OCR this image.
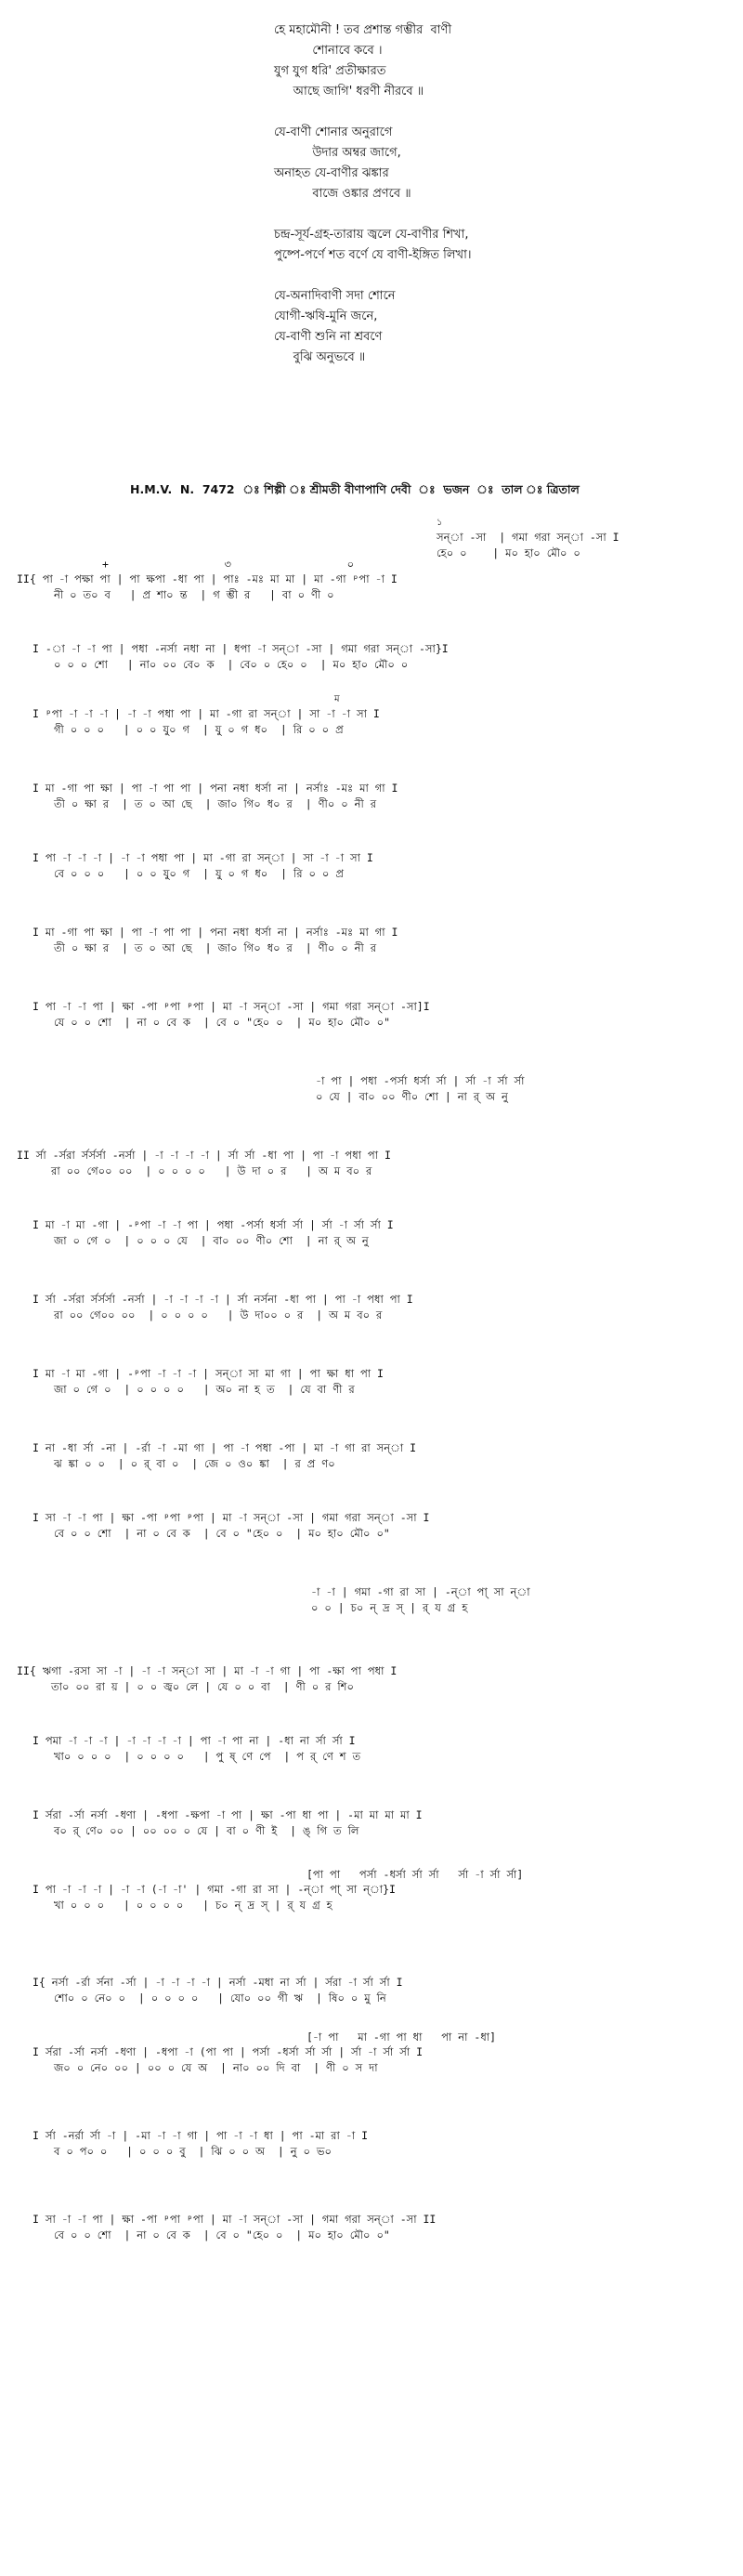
হে মহামৌনী ! তব প্রশান্ত গম্ভীর  বাণী
শোনাবে কবে ।
যুগ যুগ ধরি' প্রতীক্ষারত
আছে জাগি' ধরণী নীরবে ॥
যে-বাণী শোনার অনুরাগে
উদার অম্বর জাগে,
অনাহত যে-বাণীর ঝঙ্কার
বাজে ওঙ্কার প্রণবে ॥
চন্দ্র-সূর্য-গ্রহ-তারায় জ্বলে যে-বাণীর শিখা,
পুষ্পে-পর্ণে শত বর্ণে যে বাণী-ইঙ্গিত লিখা।
যে-অনাদিবাণী সদা শোনে
যোগী-ঋষি-মুনি জনে,
যে-বাণী শুনি না শ্রবণে
বুঝি অনুভবে ॥
H.M.V.  N.  7472 ঃ শিল্পী ঃ শ্রীমতী বীণাপাণি দেবী	ভজন	তাল ঃ ত্রিতাল
১
সন্‌া -সা  | গমা গরা সন্‌া -সা I
হে০ ০    | ম০ হা০ মৌ০ ০
+                  ৩                  ০
II{ পা -া পক্ষা পা | পা ক্ষপা -ধা পা | পাঃ -মঃ মা মা | মা -গা ᵖপা -া I
নী ০ ত০ ব   | প্র শা০ ন্ত  | গ ম্ভী র   | বা ০ ণী ০
I -া -া -া পা | পধা -নর্সা নধা না | ধপা -া সন্‌া -সা | গমা গরা সন্‌া -সা}I
০ ০ ০ শো   | না০ ০০ বে০ ক  | বে০ ০ হে০ ০  | ম০ হা০ মৌ০ ০
ম
I ᵖপা -া -া -া | -া -া পধা পা | মা -গা রা সন্‌া | সা -া -া সা I
গী ০ ০ ০   | ০ ০ যু০ গ  | যু ০ গ ধ০  | রি ০ ০ প্র
I মা -গা পা ক্ষা | পা -া পা পা | পনা নধা ধর্সা না | নর্সাঃ -মঃ মা গা I
তী ০ ক্ষা র  | ত ০ আ ছে  | জা০ গি০ ধ০ র  | ণী০ ০ নী র
I পা -া -া -া | -া -া পধা পা | মা -গা রা সন্‌া | সা -া -া সা I
বে ০ ০ ০   | ০ ০ যু০ গ  | যু ০ গ ধ০  | রি ০ ০ প্র
I মা -গা পা ক্ষা | পা -া পা পা | পনা নধা ধর্সা না | নর্সাঃ -মঃ মা গা I
তী ০ ক্ষা র  | ত ০ আ ছে  | জা০ গি০ ধ০ র  | ণী০ ০ নী র
I পা -া -া পা | ক্ষা -পা ᵖপা ᵖপা | মা -া সন্‌া -সা | গমা গরা সন্‌া -সা]I
যে ০ ০ শো  | না ০ বে ক  | বে ০ "হে০ ০  | ম০ হা০ মৌ০ ০"
-া পা | পধা -পর্সা ধর্সা র্সা | র্সা -া র্সা র্সা
০ যে | বা০ ০০ ণী০ শো | না র্ অ নু
II র্সা -র্সরা র্সর্সর্সা -নর্সা | -া -া -া -া | র্সা র্সা -ধা পা | পা -া পধা পা I
রা ০০ গে০০ ০০  | ০ ০ ০ ০   | উ দা ০ র   | অ ম ব০ র
I মা -া মা -গা | -ᵖপা -া -া পা | পধা -পর্সা ধর্সা র্সা | র্সা -া র্সা র্সা I
জা ০ গে ০  | ০ ০ ০ যে  | বা০ ০০ ণী০ শো  | না র্ অ নু
I র্সা -র্সরা র্সর্সর্সা -নর্সা | -া -া -া -া | র্সা নর্সনা -ধা পা | পা -া পধা পা I
রা ০০ গে০০ ০০  | ০ ০ ০ ০   | উ দা০০ ০ র  | অ ম ব০ র
I মা -া মা -গা | -ᵖপা -া -া -া | সন্‌া সা মা গা | পা ক্ষা ধা পা I
জা ০ গে ০  | ০ ০ ০ ০   | অ০ না হ ত  | যে বা ণী র
I না -ধা র্সা -না | -র্রা -া -মা গা | পা -া পধা -পা | মা -া গা রা সন্‌া I
ঝ ঙ্কা ০ ০  | ০ র্ বা ০  | জে ০ ও০ ঙ্কা  | র প্র ণ০
I সা -া -া পা | ক্ষা -পা ᵖপা ᵖপা | মা -া সন্‌া -সা | গমা গরা সন্‌া -সা I
বে ০ ০ শো  | না ০ বে ক  | বে ০ "হে০ ০  | ম০ হা০ মৌ০ ০"
-া -া | গমা -গা রা সা | -ন্‌া পা্‌ সা ন্‌া
০ ০ | চ০ ন্ দ্র স্‌ | র্ য গ্র হ
II{ ঋগা -রসা সা -া | -া -া সন্‌া সা | মা -া -া গা | পা -ক্ষা পা পধা I
তা০ ০০ রা য় | ০ ০ জ্ব০ লে | যে ০ ০ বা  | ণী ০ র শি০
I পমা -া -া -া | -া -া -া -া | পা -া পা না | -ধা না র্সা র্সা I
খা০ ০ ০ ০  | ০ ০ ০ ০   | পু ষ্ ণে পে  | প র্ ণে শ ত
I র্সরা -র্সা নর্সা -ধণা | -ধপা -ক্ষপা -া পা | ক্ষা -পা ধা পা | -মা মা মা মা I
ব০ র্ ণে০ ০০ | ০০ ০০ ০ যে | বা ০ ণী ই  | ঙ্ গি ত লি
[পা পা   পর্সা -ধর্সা র্সা র্সা   র্সা -া র্সা র্সা]
I পা -া -া -া | -া -া (-া -া' | গমা -গা রা সা | -ন্‌া পা্‌ সা ন্‌া}I
খা ০ ০ ০   | ০ ০ ০ ০   | চ০ ন্ দ্র স্‌ | র্ য গ্র হ
I{ নর্সা -র্রা র্সনা -র্সা | -া -া -া -া | নর্সা -মধা না র্সা | র্সরা -া র্সা র্সা I
শো০ ০ নে০ ০  | ০ ০ ০ ০   | যো০ ০০ গী ঋ  | ষি০ ০ মু নি
[-া পা   মা -গা পা ধা   পা না -ধা]
I র্সরা -র্সা নর্সা -ধণা | -ধপা -া (পা পা | পর্সা -ধর্সা র্সা র্সা | র্সা -া র্সা র্সা I
জ০ ০ নে০ ০০ | ০০ ০ যে অ  | না০ ০০ দি বা  | ণী ০ স দা
I র্সা -নর্রা র্সা -া | -মা -া -া গা | পা -া -া ধা | পা -মা রা -া I
ব ০ প০ ০   | ০ ০ ০ বু  | ঝি ০ ০ অ  | নু ০ ভ০
I সা -া -া পা | ক্ষা -পা ᵖপা ᵖপা | মা -া সন্‌া -সা | গমা গরা সন্‌া -সা II
বে ০ ০ শো  | না ০ বে ক  | বে ০ "হে০ ০  | ম০ হা০ মৌ০ ০"
